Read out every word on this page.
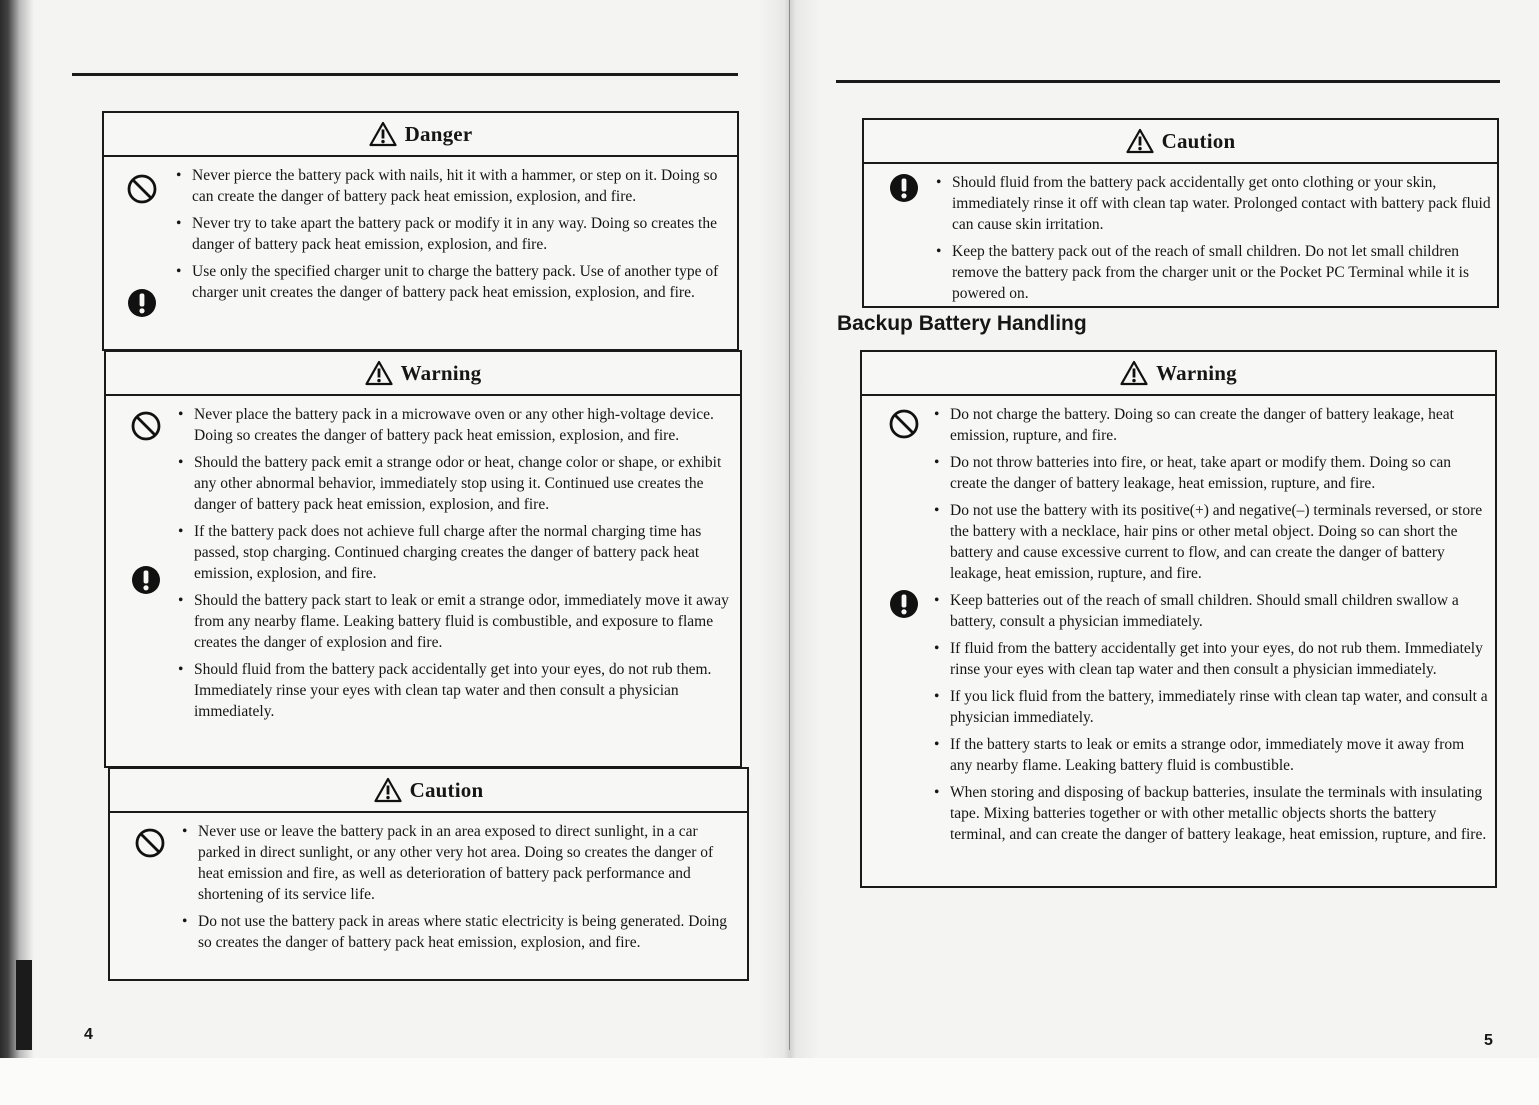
Danger
• Never pierce the battery pack with nails, hit it with a hammer, or step on it. Doing so can create the danger of battery pack heat emission, explosion, and fire.
• Never try to take apart the battery pack or modify it in any way. Doing so creates the danger of battery pack heat emission, explosion, and fire.
• Use only the specified charger unit to charge the battery pack. Use of another type of charger unit creates the danger of battery pack heat emission, explosion, and fire.
Warning
• Never place the battery pack in a microwave oven or any other high-voltage device. Doing so creates the danger of battery pack heat emission, explosion, and fire.
• Should the battery pack emit a strange odor or heat, change color or shape, or exhibit any other abnormal behavior, immediately stop using it. Continued use creates the danger of battery pack heat emission, explosion, and fire.
• If the battery pack does not achieve full charge after the normal charging time has passed, stop charging. Continued charging creates the danger of battery pack heat emission, explosion, and fire.
• Should the battery pack start to leak or emit a strange odor, immediately move it away from any nearby flame. Leaking battery fluid is combustible, and exposure to flame creates the danger of explosion and fire.
• Should fluid from the battery pack accidentally get into your eyes, do not rub them. Immediately rinse your eyes with clean tap water and then consult a physician immediately.
Caution
• Never use or leave the battery pack in an area exposed to direct sunlight, in a car parked in direct sunlight, or any other very hot area. Doing so creates the danger of heat emission and fire, as well as deterioration of battery pack performance and shortening of its service life.
• Do not use the battery pack in areas where static electricity is being generated. Doing so creates the danger of battery pack heat emission, explosion, and fire.
4
Caution
• Should fluid from the battery pack accidentally get onto clothing or your skin, immediately rinse it off with clean tap water. Prolonged contact with battery pack fluid can cause skin irritation.
• Keep the battery pack out of the reach of small children. Do not let small children remove the battery pack from the charger unit or the Pocket PC Terminal while it is powered on.
Backup Battery Handling
Warning
• Do not charge the battery. Doing so can create the danger of battery leakage, heat emission, rupture, and fire.
• Do not throw batteries into fire, or heat, take apart or modify them. Doing so can create the danger of battery leakage, heat emission, rupture, and fire.
• Do not use the battery with its positive(+) and negative(–) terminals reversed, or store the battery with a necklace, hair pins or other metal object. Doing so can short the battery and cause excessive current to flow, and can create the danger of battery leakage, heat emission, rupture, and fire.
• Keep batteries out of the reach of small children. Should small children swallow a battery, consult a physician immediately.
• If fluid from the battery accidentally get into your eyes, do not rub them. Immediately rinse your eyes with clean tap water and then consult a physician immediately.
• If you lick fluid from the battery, immediately rinse with clean tap water, and consult a physician immediately.
• If the battery starts to leak or emits a strange odor, immediately move it away from any nearby flame. Leaking battery fluid is combustible.
• When storing and disposing of backup batteries, insulate the terminals with insulating tape. Mixing batteries together or with other metallic objects shorts the battery terminal, and can create the danger of battery leakage, heat emission, rupture, and fire.
5
